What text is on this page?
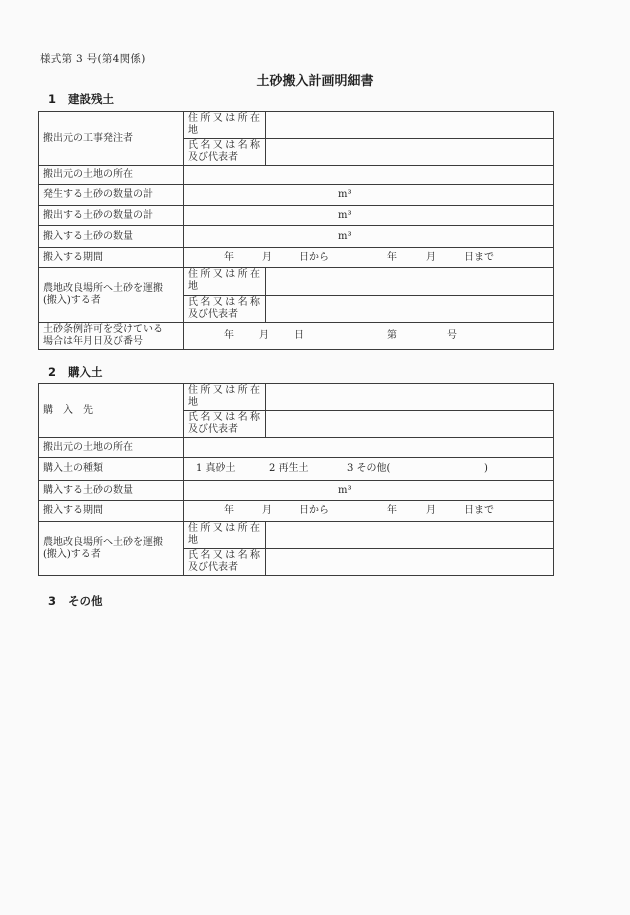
様式第 3 号(第4関係)
土砂搬入計画明細書
1 建設残土
搬出元の工事発注者	住所又は所在
地	

	氏名又は名称
及び代表者	

搬出元の土地の所在		
発生する土砂の数量の計	m³	

搬出する土砂の数量の計	m³	

搬入する土砂の数量	m³	

搬入する期間	年	月	日から	年	月	日まで

農地改良場所へ土砂を運搬
(搬入)する者	住所又は所在
地	

	氏名又は名称
及び代表者	

土砂条例許可を受けている
場合は年月日及び番号	年 月 日 第 号	
2 購入土
購　入　先	住所又は所在
地	

	氏名又は名称
及び代表者	

搬出元の土地の所在		
購入土の種類	1 真砂土 2 再生土 3 その他( )	

購入する土砂の数量	m³	

搬入する期間	年	月	日から	年	月	日まで

農地改良場所へ土砂を運搬
(搬入)する者	住所又は所在
地	

	氏名又は名称
及び代表者	

3 その他
